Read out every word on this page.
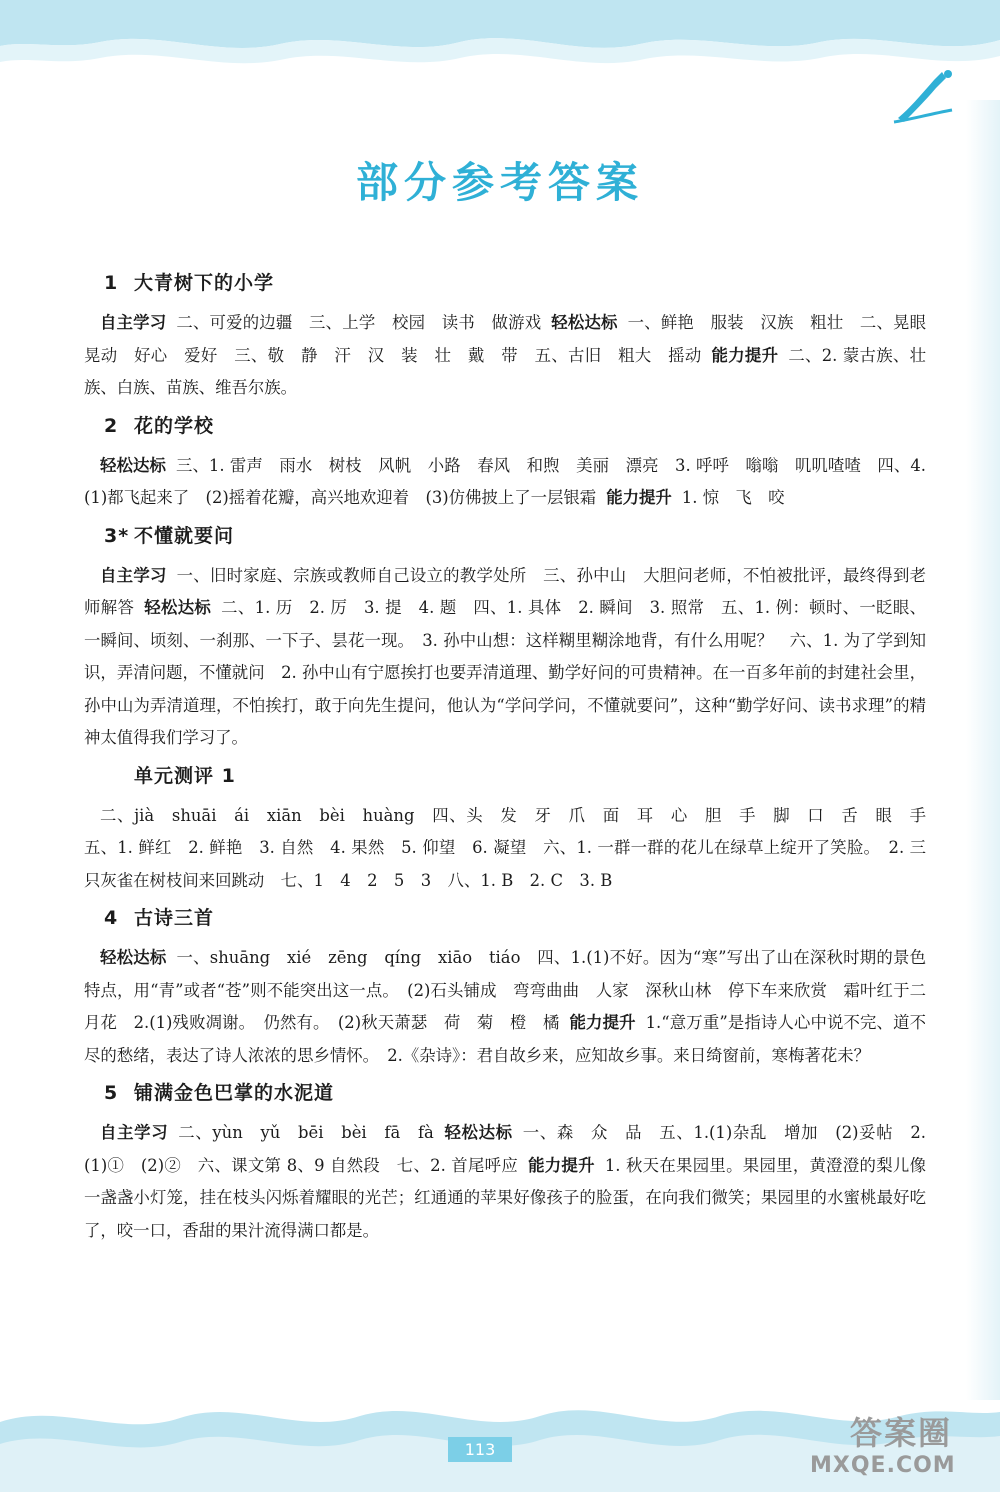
部分参考答案
1 大青树下的小学

自主学习 二、可爱的边疆　三、上学　校园　读书　做游戏 轻松达标 一、鲜艳　服装　汉族　粗壮　二、晃眼　晃动　好心　爱好　三、敬　静　汗　汉　装　壮　戴　带　五、古旧　粗大　摇动 能力提升 二、2. 蒙古族、壮族、白族、苗族、维吾尔族。

2 花的学校

轻松达标 三、1. 雷声　雨水　树枝　风帆　小路　春风　和煦　美丽　漂亮　3. 呼呼　嗡嗡　叽叽喳喳　四、4.(1)都飞起来了　(2)摇着花瓣，高兴地欢迎着　(3)仿佛披上了一层银霜 能力提升 1. 惊　飞　咬

3* 不懂就要问

自主学习 一、旧时家庭、宗族或教师自己设立的教学处所　三、孙中山　大胆问老师，不怕被批评，最终得到老师解答 轻松达标 二、1. 历　2. 厉　3. 提　4. 题　四、1. 具体　2. 瞬间　3. 照常　五、1. 例：顿时、一眨眼、一瞬间、顷刻、一刹那、一下子、昙花一现。　3. 孙中山想：这样糊里糊涂地背，有什么用呢？　六、1. 为了学到知识，弄清问题，不懂就问　2. 孙中山有宁愿挨打也要弄清道理、勤学好问的可贵精神。在一百多年前的封建社会里，孙中山为弄清道理，不怕挨打，敢于向先生提问，他认为“学问学问，不懂就要问”，这种“勤学好问、读书求理”的精神太值得我们学习了。

单元测评 1

二、jià　shuāi　ái　xiān　bèi　huàng　四、头　发　牙　爪　面　耳　心　胆　手　脚　口　舌　眼　手　五、1. 鲜红　2. 鲜艳　3. 自然　4. 果然　5. 仰望　6. 凝望　六、1. 一群一群的花儿在绿草上绽开了笑脸。　2. 三只灰雀在树枝间来回跳动　七、1　4　2　5　3　八、1. B　2. C　3. B

4 古诗三首

轻松达标 一、shuāng　xié　zēng　qíng　xiāo　tiáo　四、1.(1)不好。因为“寒”写出了山在深秋时期的景色特点，用“青”或者“苍”则不能突出这一点。　(2)石头铺成　弯弯曲曲　人家　深秋山林　停下车来欣赏　霜叶红于二月花　2.(1)残败凋谢。　仍然有。　(2)秋天萧瑟　荷　菊　橙　橘 能力提升 1.“意万重”是指诗人心中说不完、道不尽的愁绪，表达了诗人浓浓的思乡情怀。　2.《杂诗》：君自故乡来，应知故乡事。来日绮窗前，寒梅著花未？

5 铺满金色巴掌的水泥道

自主学习 二、yùn　yǔ　bēi　bèi　fā　fà 轻松达标 一、森　众　品　五、1.(1)杂乱　增加　(2)妥帖　2.(1)①　(2)②　六、课文第 8、9 自然段　七、2. 首尾呼应 能力提升 1. 秋天在果园里。果园里，黄澄澄的梨儿像一盏盏小灯笼，挂在枝头闪烁着耀眼的光芒；红通通的苹果好像孩子的脸蛋，在向我们微笑；果园里的水蜜桃最好吃了，咬一口，香甜的果汁流得满口都是。

113	答案圈
MXQE.COM
